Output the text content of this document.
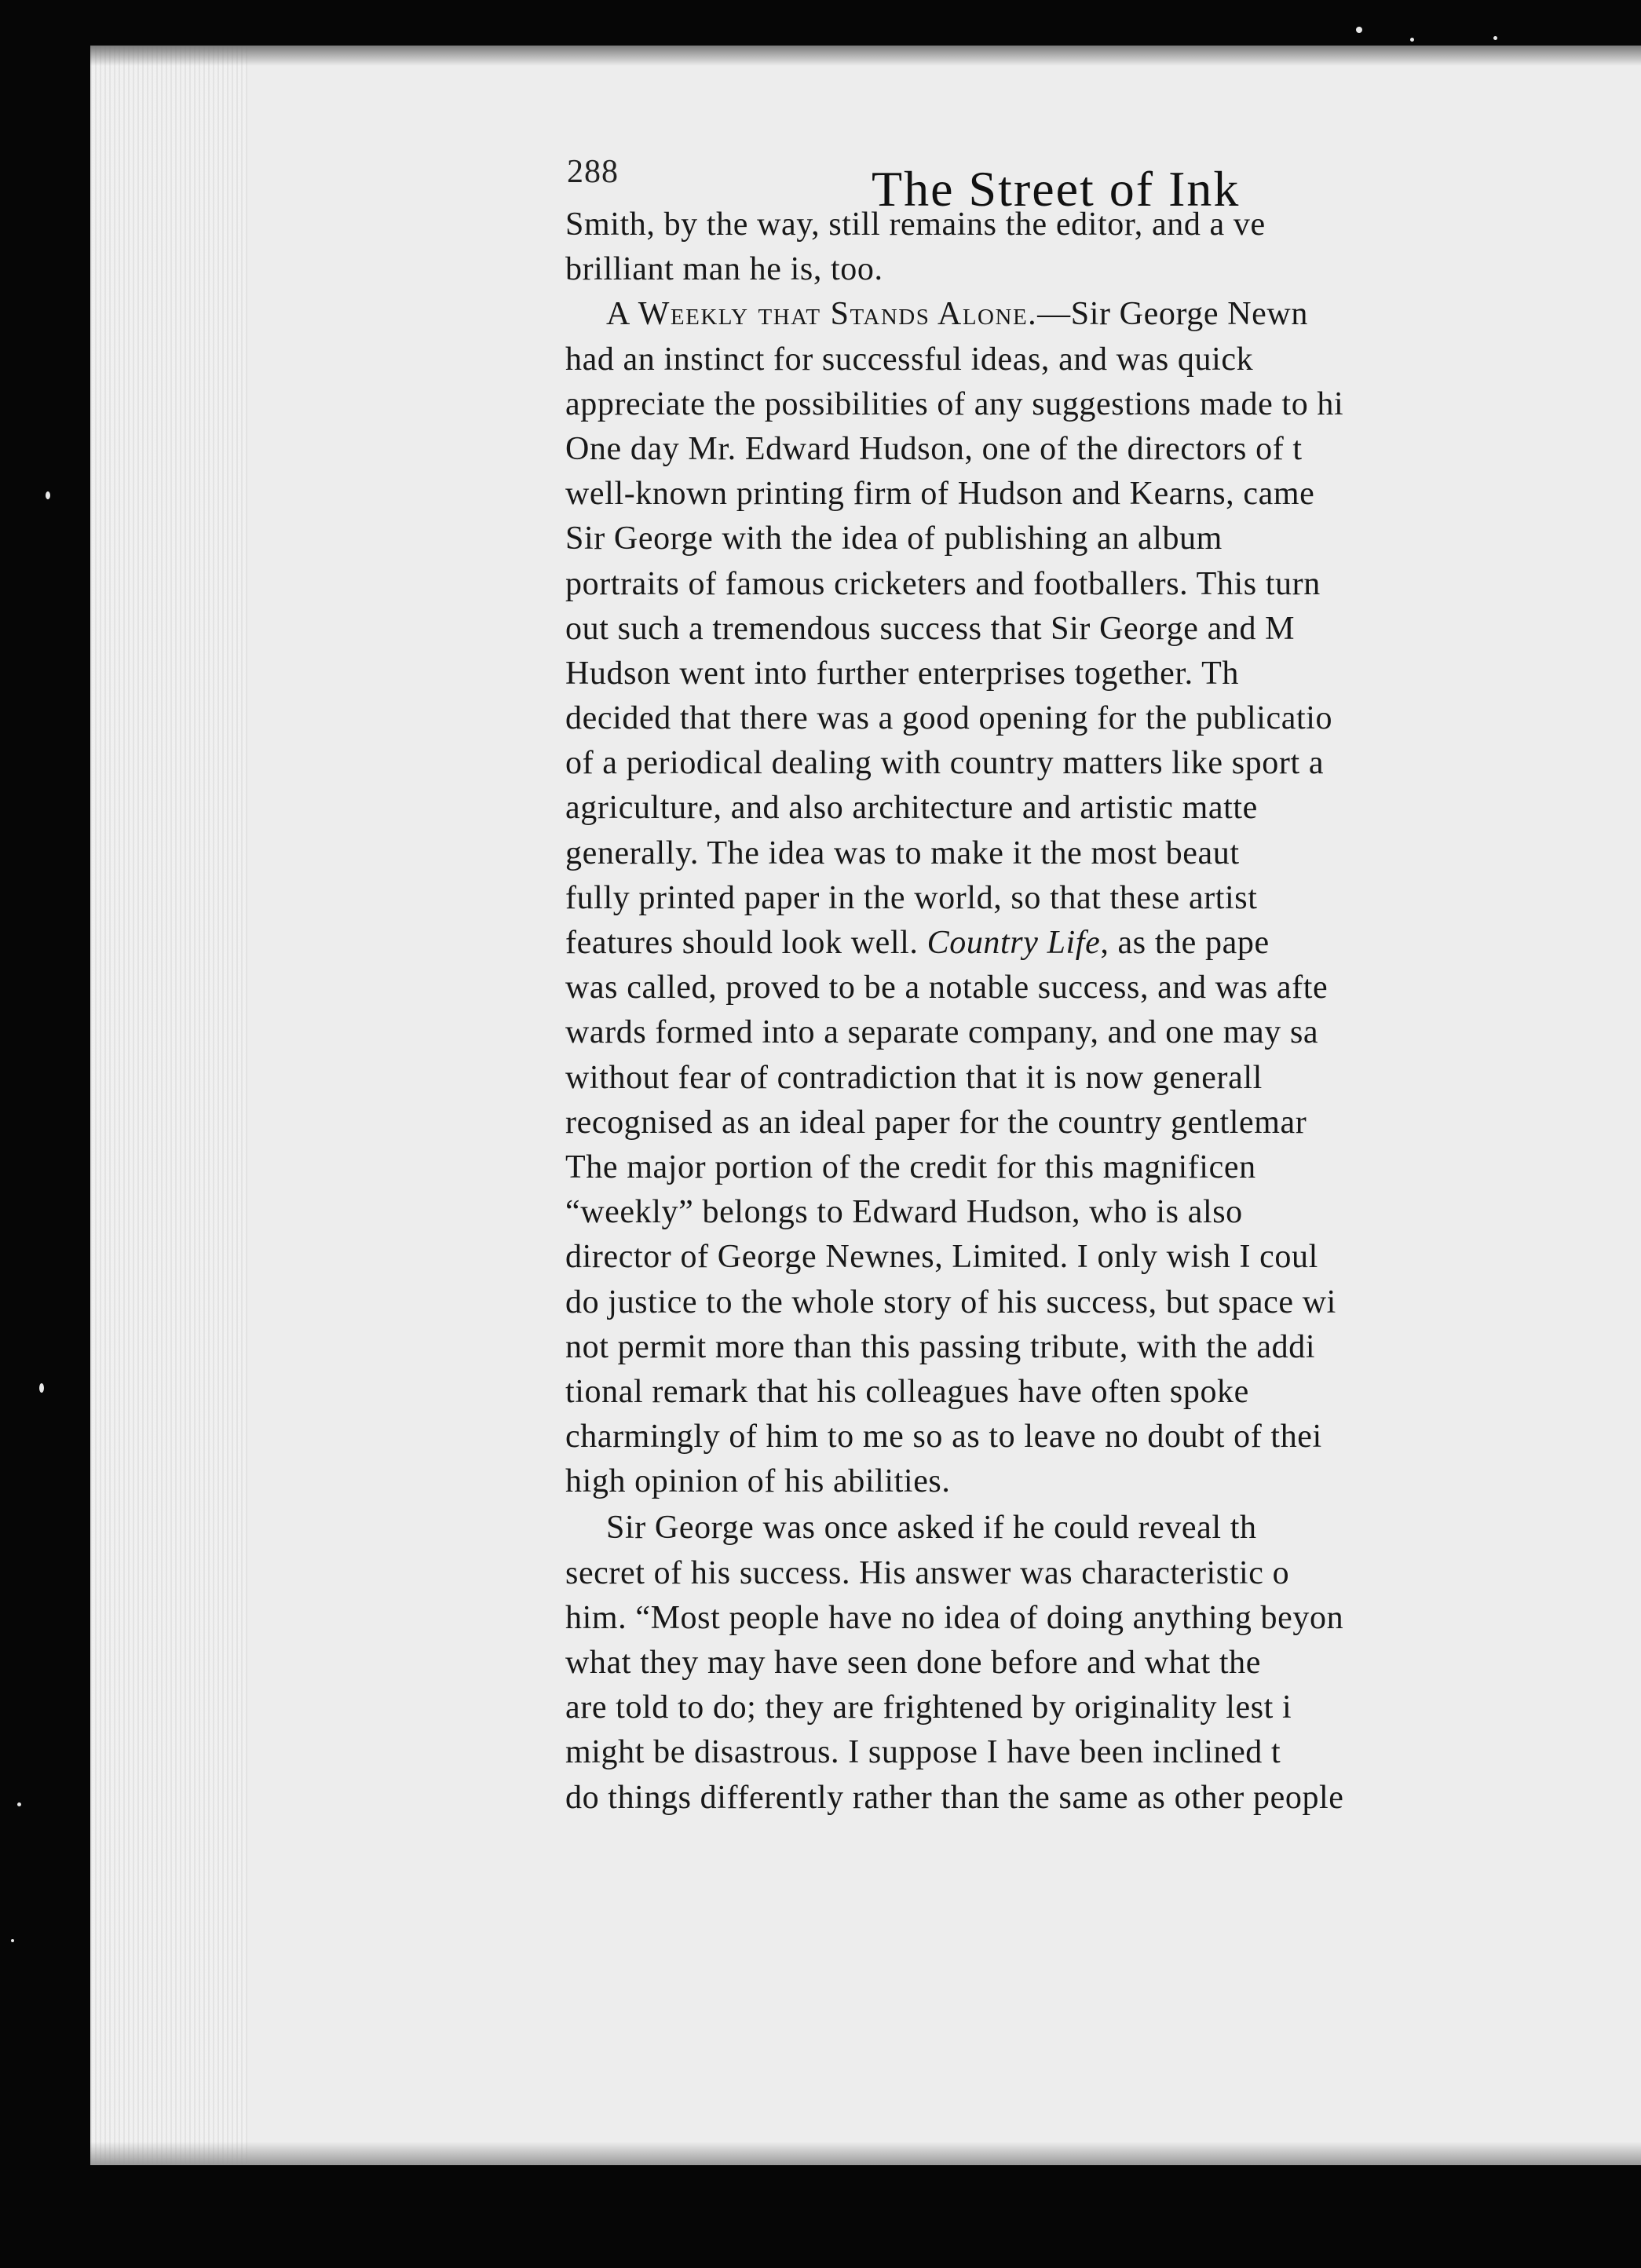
288	The Street of Ink
Smith, by the way, still remains the editor, and a ve
brilliant man he is, too.
A Weekly that Stands Alone.—Sir George Newn
had an instinct for successful ideas, and was quick
appreciate the possibilities of any suggestions made to hi
One day Mr. Edward Hudson, one of the directors of t
well-known printing firm of Hudson and Kearns, came
Sir George with the idea of publishing an album
portraits of famous cricketers and footballers. This turn
out such a tremendous success that Sir George and M
Hudson went into further enterprises together. Th
decided that there was a good opening for the publicatio
of a periodical dealing with country matters like sport a
agriculture, and also architecture and artistic matte
generally. The idea was to make it the most beaut
fully printed paper in the world, so that these artist
features should look well. Country Life, as the pape
was called, proved to be a notable success, and was afte
wards formed into a separate company, and one may sa
without fear of contradiction that it is now generall
recognised as an ideal paper for the country gentlemar
The major portion of the credit for this magnificen
“weekly” belongs to Edward Hudson, who is also
director of George Newnes, Limited. I only wish I coul
do justice to the whole story of his success, but space wi
not permit more than this passing tribute, with the addi
tional remark that his colleagues have often spoke
charmingly of him to me so as to leave no doubt of thei
high opinion of his abilities.
Sir George was once asked if he could reveal th
secret of his success. His answer was characteristic o
him. “Most people have no idea of doing anything beyon
what they may have seen done before and what the
are told to do; they are frightened by originality lest i
might be disastrous. I suppose I have been inclined t
do things differently rather than the same as other people
